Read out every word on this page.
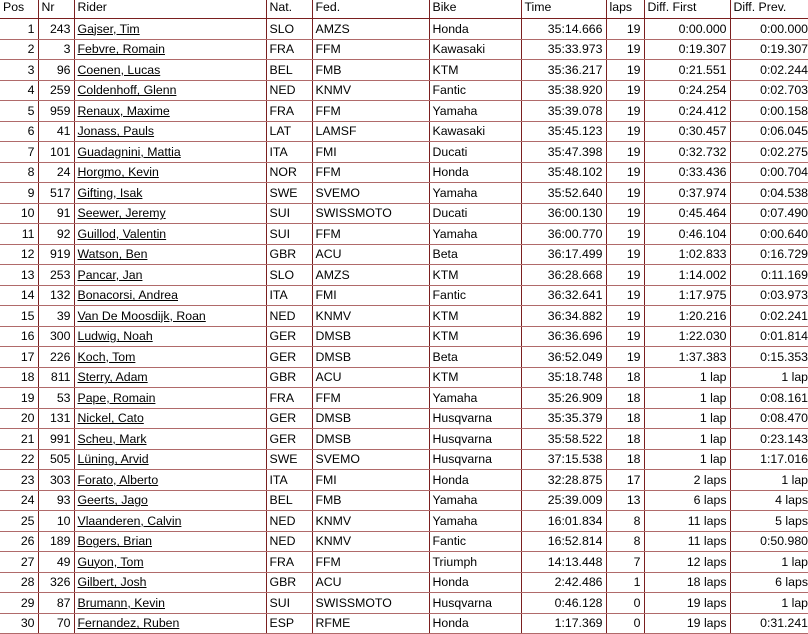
Pos	Nr	Rider	Nat.	Fed.	Bike	Time	laps	Diff. First	Diff. Prev.
1	243	Gajser, Tim	SLO	AMZS	Honda	35:14.666	19	0:00.000	0:00.000
2	3	Febvre, Romain	FRA	FFM	Kawasaki	35:33.973	19	0:19.307	0:19.307
3	96	Coenen, Lucas	BEL	FMB	KTM	35:36.217	19	0:21.551	0:02.244
4	259	Coldenhoff, Glenn	NED	KNMV	Fantic	35:38.920	19	0:24.254	0:02.703
5	959	Renaux, Maxime	FRA	FFM	Yamaha	35:39.078	19	0:24.412	0:00.158
6	41	Jonass, Pauls	LAT	LAMSF	Kawasaki	35:45.123	19	0:30.457	0:06.045
7	101	Guadagnini, Mattia	ITA	FMI	Ducati	35:47.398	19	0:32.732	0:02.275
8	24	Horgmo, Kevin	NOR	FFM	Honda	35:48.102	19	0:33.436	0:00.704
9	517	Gifting, Isak	SWE	SVEMO	Yamaha	35:52.640	19	0:37.974	0:04.538
10	91	Seewer, Jeremy	SUI	SWISSMOTO	Ducati	36:00.130	19	0:45.464	0:07.490
11	92	Guillod, Valentin	SUI	FFM	Yamaha	36:00.770	19	0:46.104	0:00.640
12	919	Watson, Ben	GBR	ACU	Beta	36:17.499	19	1:02.833	0:16.729
13	253	Pancar, Jan	SLO	AMZS	KTM	36:28.668	19	1:14.002	0:11.169
14	132	Bonacorsi, Andrea	ITA	FMI	Fantic	36:32.641	19	1:17.975	0:03.973
15	39	Van De Moosdijk, Roan	NED	KNMV	KTM	36:34.882	19	1:20.216	0:02.241
16	300	Ludwig, Noah	GER	DMSB	KTM	36:36.696	19	1:22.030	0:01.814
17	226	Koch, Tom	GER	DMSB	Beta	36:52.049	19	1:37.383	0:15.353
18	811	Sterry, Adam	GBR	ACU	KTM	35:18.748	18	1 lap	1 lap
19	53	Pape, Romain	FRA	FFM	Yamaha	35:26.909	18	1 lap	0:08.161
20	131	Nickel, Cato	GER	DMSB	Husqvarna	35:35.379	18	1 lap	0:08.470
21	991	Scheu, Mark	GER	DMSB	Husqvarna	35:58.522	18	1 lap	0:23.143
22	505	Lüning, Arvid	SWE	SVEMO	Husqvarna	37:15.538	18	1 lap	1:17.016
23	303	Forato, Alberto	ITA	FMI	Honda	32:28.875	17	2 laps	1 lap
24	93	Geerts, Jago	BEL	FMB	Yamaha	25:39.009	13	6 laps	4 laps
25	10	Vlaanderen, Calvin	NED	KNMV	Yamaha	16:01.834	8	11 laps	5 laps
26	189	Bogers, Brian	NED	KNMV	Fantic	16:52.814	8	11 laps	0:50.980
27	49	Guyon, Tom	FRA	FFM	Triumph	14:13.448	7	12 laps	1 lap
28	326	Gilbert, Josh	GBR	ACU	Honda	2:42.486	1	18 laps	6 laps
29	87	Brumann, Kevin	SUI	SWISSMOTO	Husqvarna	0:46.128	0	19 laps	1 lap
30	70	Fernandez, Ruben	ESP	RFME	Honda	1:17.369	0	19 laps	0:31.241
